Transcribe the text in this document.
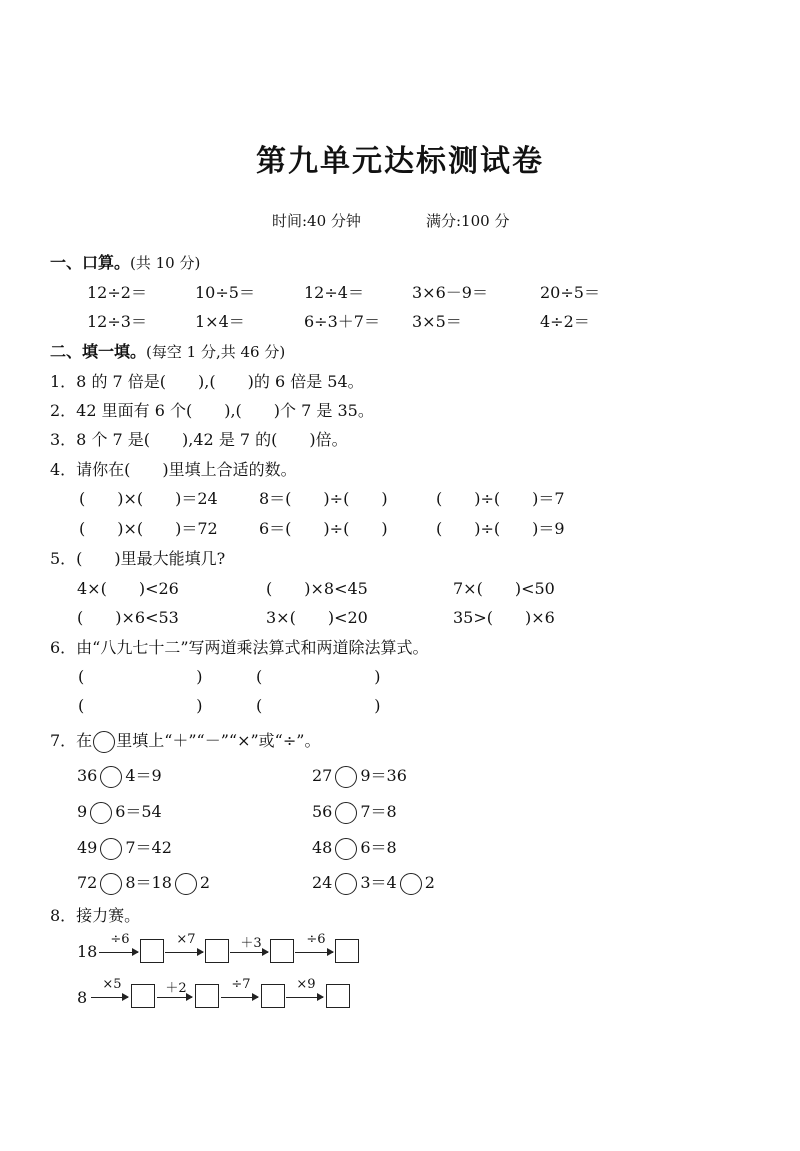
第九单元达标测试卷
时间:40 分钟	满分:100 分
一、口算。(共 10 分)
12÷2＝	10÷5＝	12÷4＝	3×6－9＝	20÷5＝
12÷3＝	1×4＝	6÷3＋7＝ 3×5＝	4÷2＝
二、填一填。(每空 1 分,共 46 分)
1．8 的 7 倍是(　　),(　　)的 6 倍是 54。
2．42 里面有 6 个(　　),(　　)个 7 是 35。
3．8 个 7 是(　　),42 是 7 的(　　)倍。
4．请你在(　　)里填上合适的数。
(　　)×(　　)＝24	8＝(　　)÷(　　)	(　　)÷(　　)＝7
(　　)×(　　)＝72	6＝(　　)÷(　　)	(　　)÷(　　)＝9
5．(　　)里最大能填几?
4×(　　)<26	(　　)×8<45	7×(　　)<50
(　　)×6<53	3×(　　)<20	35>(　　)×6
6．由“八九七十二”写两道乘法算式和两道除法算式。
(　　　　　　　)	(　　　　　　　)
(　　　　　　　)	(　　　　　　　)
7．在 里填上“＋”“－”“×”或“÷”。
36 4＝9	27 9＝36
9 6＝54	56 7＝8
49 7＝42	48 6＝8
72 8＝18 2	24 3＝4 2
8．接力赛。
18
÷6	×7	＋3	÷6
8
×5	＋2	÷7	×9
